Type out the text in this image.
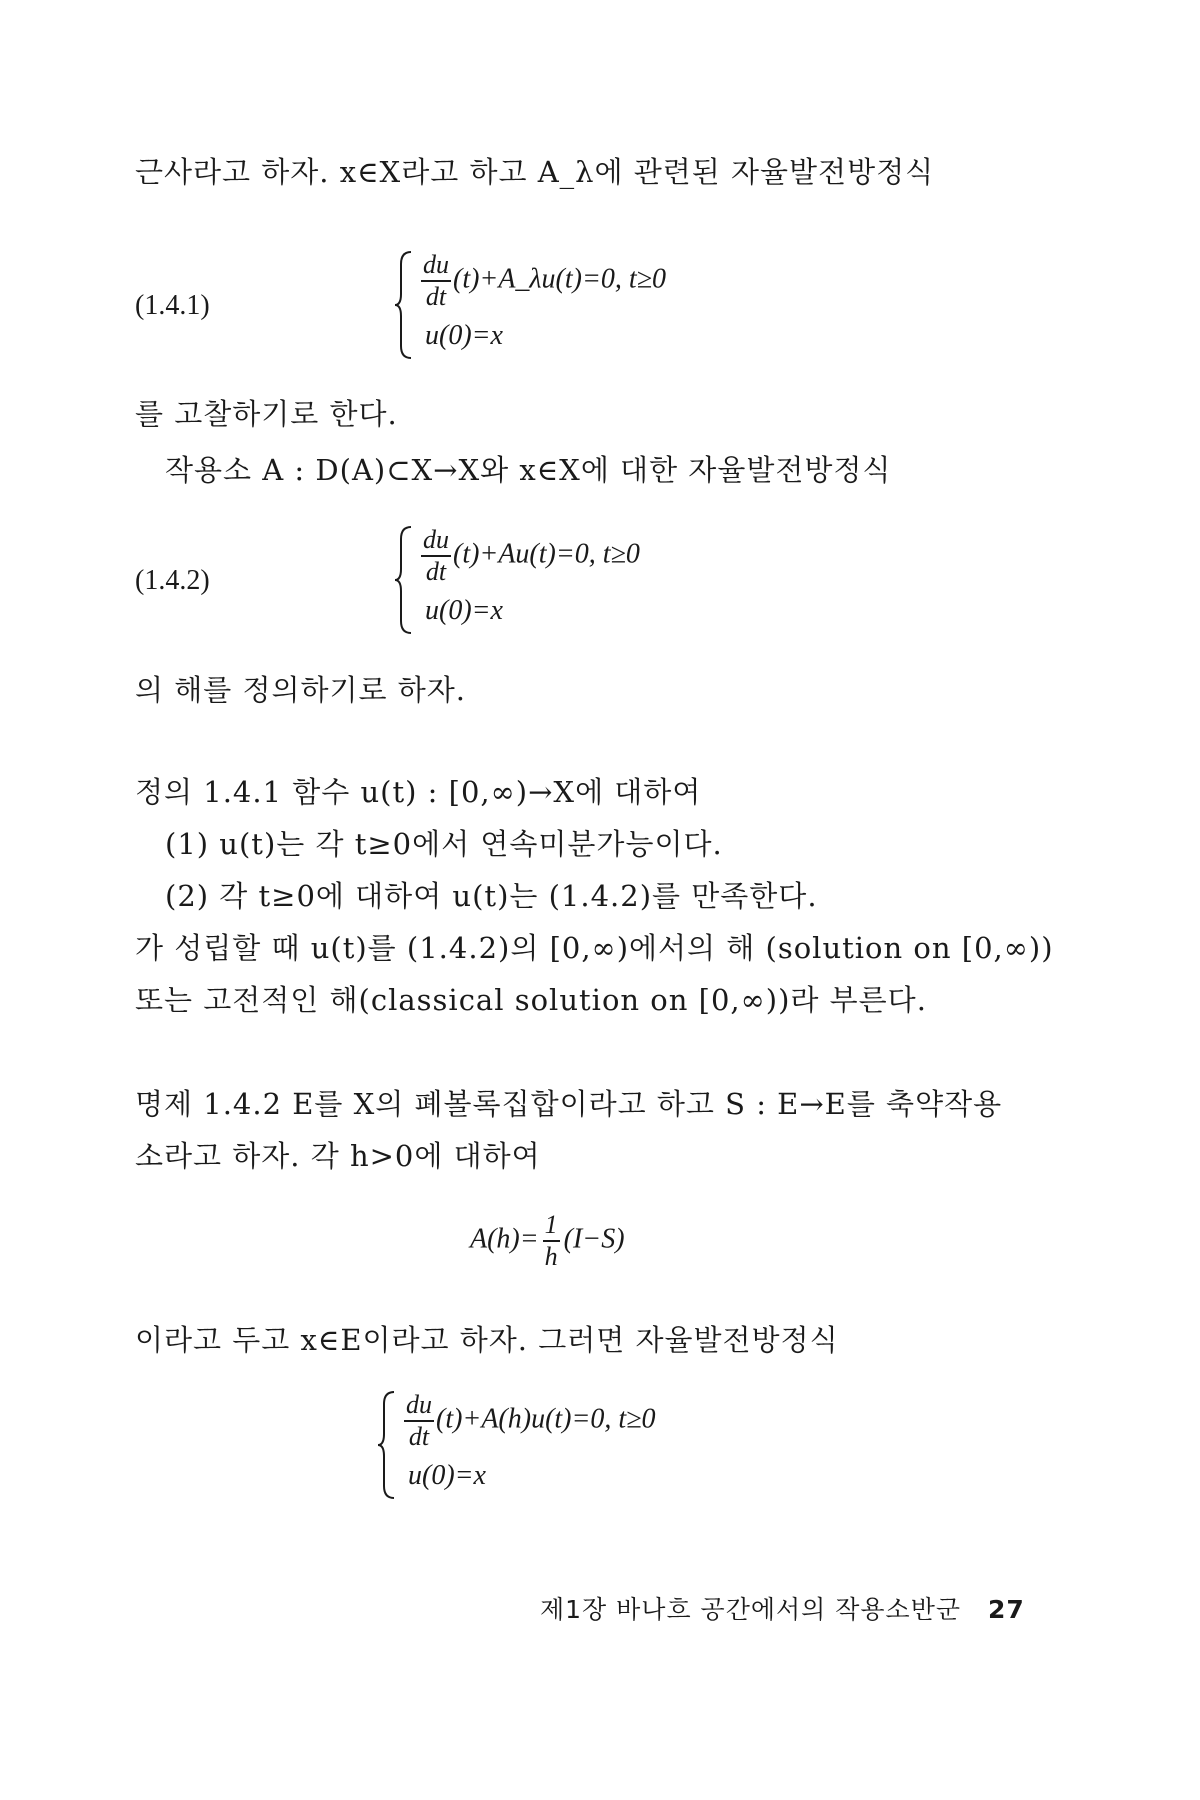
근사라고 하자. x∈X라고 하고 A_λ에 관련된 자율발전방정식
(1.4.1)	$\frac{du}{dt}$ (t)+A_λu(t)=0, t≥0
u(0)=x
를 고찰하기로 한다.
작용소 A : D(A)⊂X→X와 x∈X에 대한 자율발전방정식
(1.4.2)	$\frac{du}{dt} (t)+Au(t)=0$, t≥0
u(0)=x
의 해를 정의하기로 하자.
정의 1.4.1 함수 u(t) : [0,∞)→X에 대하여
(1) u(t)는 각 t≥0에서 연속미분가능이다.
(2) 각 t≥0에 대하여 u(t)는 (1.4.2)를 만족한다.
가 성립할 때 u(t)를 (1.4.2)의 [0,∞)에서의 해 (solution on [0,∞))
또는 고전적인 해(classical solution on [0,∞))라 부른다.
명제 1.4.2 E를 X의 폐볼록집합이라고 하고 S : E→E를 축약작용
소라고 하자. 각 h>0에 대하여
$A(h)= \frac{1}{h} (I-S)$
이라고 두고 x∈E이라고 하자. 그러면 자율발전방정식
$\frac{du}{dt} (t)+A(h)u(t)=0$, t≥0
u(0)=x
제1장 바나흐 공간에서의 작용소반군 27
